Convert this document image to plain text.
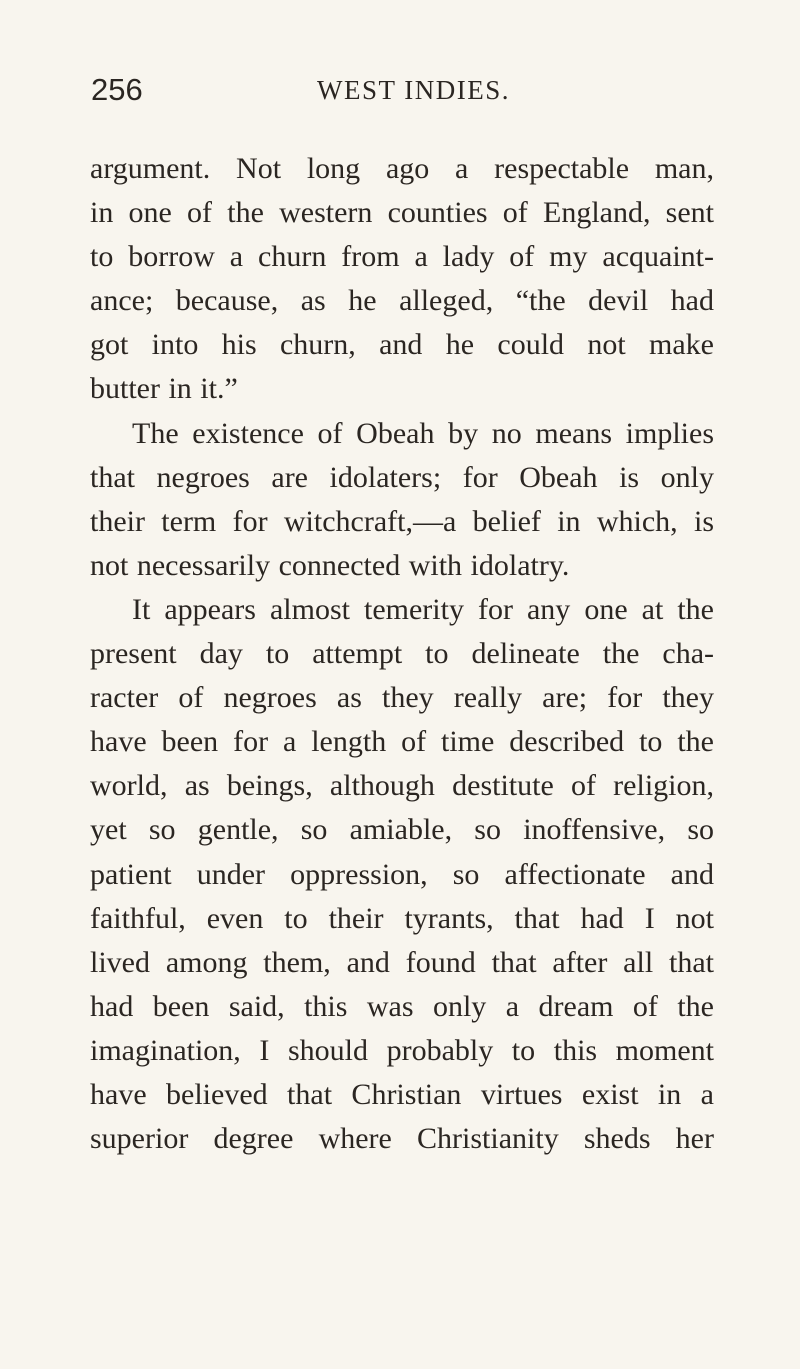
256	WEST INDIES.
argument. Not long ago a respectable man,
in one of the western counties of England, sent
to borrow a churn from a lady of my acquaint-
ance; because, as he alleged, “the devil had
got into his churn, and he could not make
butter in it.”
The existence of Obeah by no means implies
that negroes are idolaters; for Obeah is only
their term for witchcraft,—a belief in which, is
not necessarily connected with idolatry.
It appears almost temerity for any one at the
present day to attempt to delineate the cha-
racter of negroes as they really are; for they
have been for a length of time described to the
world, as beings, although destitute of religion,
yet so gentle, so amiable, so inoffensive, so
patient under oppression, so affectionate and
faithful, even to their tyrants, that had I not
lived among them, and found that after all that
had been said, this was only a dream of the
imagination, I should probably to this moment
have believed that Christian virtues exist in a
superior degree where Christianity sheds her
